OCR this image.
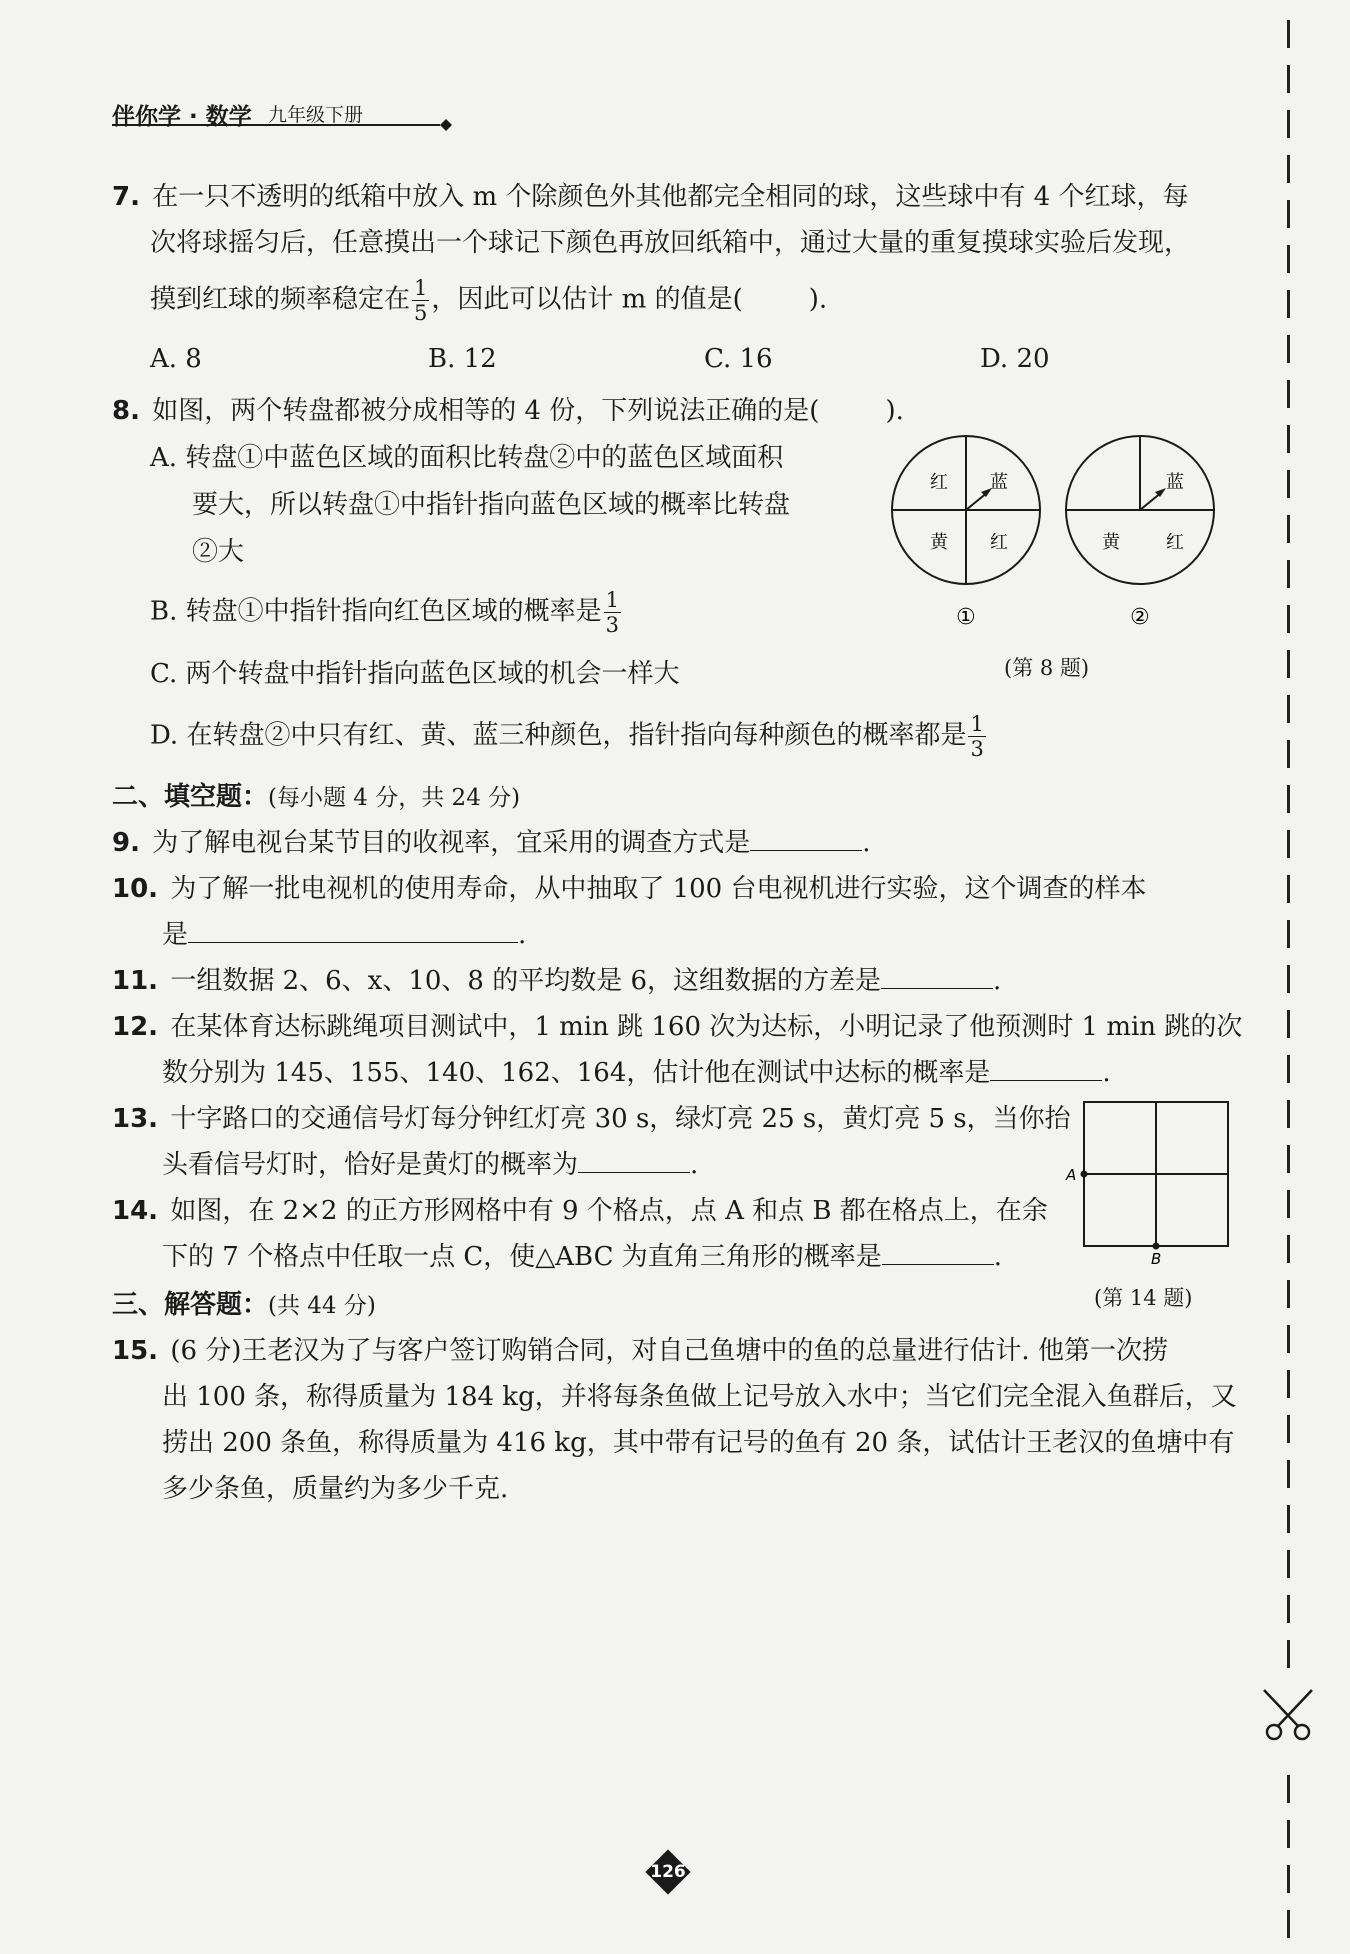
伴你学 · 数学 九年级下册
7. 在一只不透明的纸箱中放入 m 个除颜色外其他都完全相同的球，这些球中有 4 个红球，每
次将球摇匀后，任意摸出一个球记下颜色再放回纸箱中，通过大量的重复摸球实验后发现，
摸到红球的频率稳定在 $\frac{1}{5}$ ，因此可以估计 m 的值是(	).
A. 8	B. 12	C. 16	D. 20
8. 如图，两个转盘都被分成相等的 4 份，下列说法正确的是(	).
A. 转盘①中蓝色区域的面积比转盘②中的蓝色区域面积
要大，所以转盘①中指针指向蓝色区域的概率比转盘
②大
B. 转盘①中指针指向红色区域的概率是 $\frac{1}{3}$
C. 两个转盘中指针指向蓝色区域的机会一样大
D. 在转盘②中只有红、黄、蓝三种颜色，指针指向每种颜色的概率都是 $\frac{1}{3}$
红 蓝
黄 红
蓝
黄	红
①	②
(第 8 题)
二、填空题：(每小题 4 分，共 24 分)
9. 为了解电视台某节目的收视率，宜采用的调查方式是	.
10. 为了解一批电视机的使用寿命，从中抽取了 100 台电视机进行实验，这个调查的样本
是	.
11. 一组数据 2、6、x、10、8 的平均数是 6，这组数据的方差是	.
12. 在某体育达标跳绳项目测试中，1 min 跳 160 次为达标，小明记录了他预测时 1 min 跳的次
数分别为 145、155、140、162、164，估计他在测试中达标的概率是	.
13. 十字路口的交通信号灯每分钟红灯亮 30 s，绿灯亮 25 s，黄灯亮 5 s，当你抬
头看信号灯时，恰好是黄灯的概率为	.
14. 如图，在 2×2 的正方形网格中有 9 个格点，点 A 和点 B 都在格点上，在余
下的 7 个格点中任取一点 C，使△ABC 为直角三角形的概率是	.
A
B
(第 14 题)
三、解答题：(共 44 分)
15. (6 分)王老汉为了与客户签订购销合同，对自己鱼塘中的鱼的总量进行估计. 他第一次捞
出 100 条，称得质量为 184 kg，并将每条鱼做上记号放入水中；当它们完全混入鱼群后，又
捞出 200 条鱼，称得质量为 416 kg，其中带有记号的鱼有 20 条，试估计王老汉的鱼塘中有
多少条鱼，质量约为多少千克.
126
